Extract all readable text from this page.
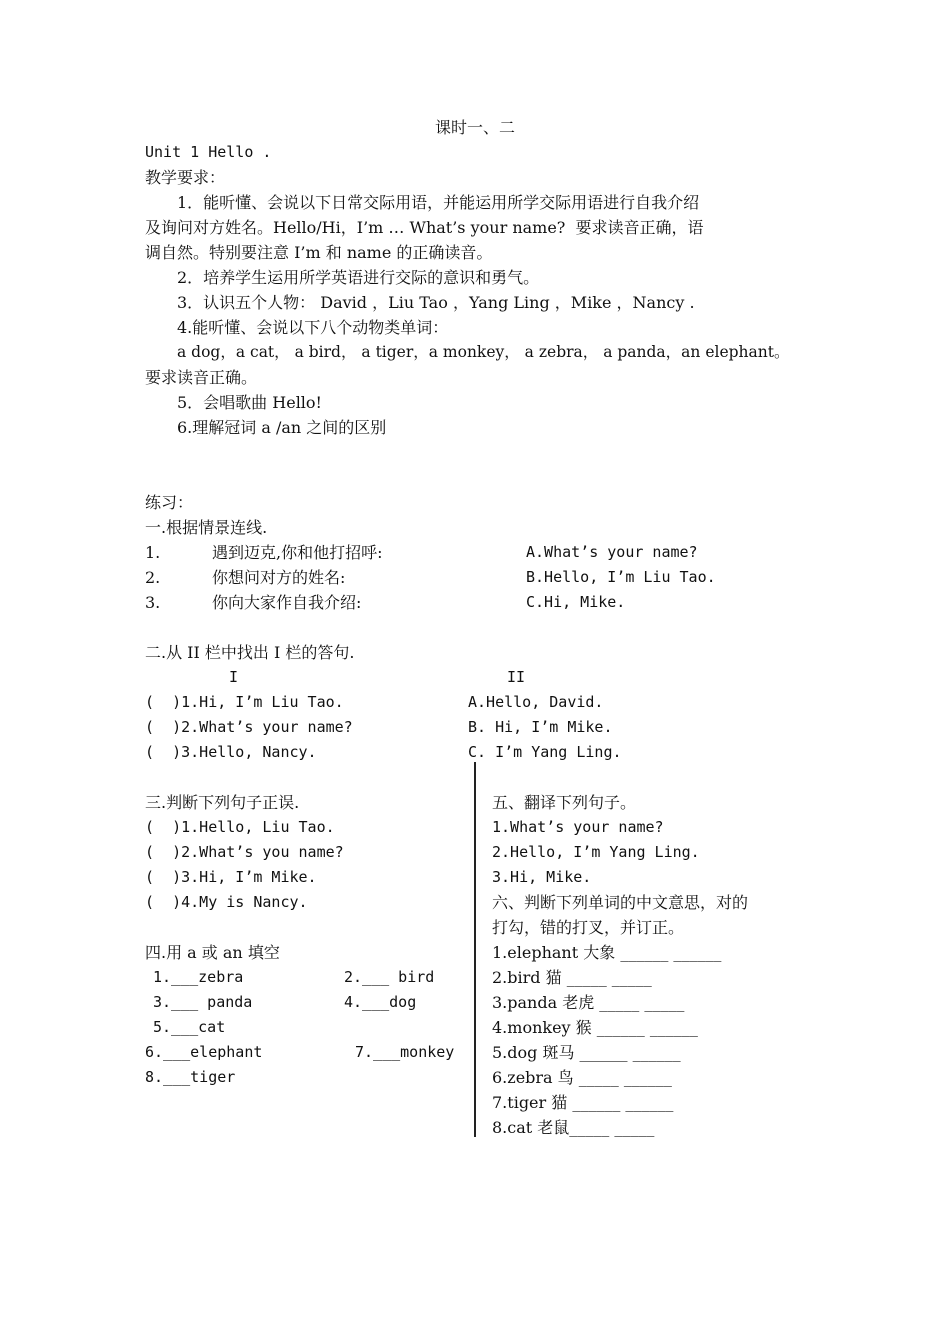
课时一、二
Unit 1 Hello .
教学要求：
1．能听懂、会说以下日常交际用语，并能运用所学交际用语进行自我介绍
及询问对方姓名。Hello/Hi，I’m … What’s your name?  要求读音正确，语
调自然。特别要注意 I’m 和 name 的正确读音。
2．培养学生运用所学英语进行交际的意识和勇气。
3．认识五个人物： David ，Liu Tao ，Yang Ling ，Mike ，Nancy .
4.能听懂、会说以下八个动物类单词：
a dog，a cat， a bird， a tiger，a monkey， a zebra， a panda，an elephant。
要求读音正确。
5．会唱歌曲 Hello!
6.理解冠词 a /an 之间的区别
练习：
一.根据情景连线.
1.	遇到迈克,你和他打招呼:	A.What’s your name?
2.	你想问对方的姓名:	B.Hello, I’m Liu Tao.
3.	你向大家作自我介绍:	C.Hi, Mike.
二.从 II 栏中找出 I 栏的答句.
I	II
(  )1.Hi, I’m Liu Tao.	A.Hello, David.
(  )2.What’s your name?	B. Hi, I’m Mike.
(  )3.Hello, Nancy.	C. I’m Yang Ling.
三.判断下列句子正误.
(  )1.Hello, Liu Tao.
(  )2.What’s you name?
(  )3.Hi, I’m Mike.
(  )4.My is Nancy.
四.用 a 或 an 填空
1.___zebra	2.___ bird
3.___ panda	4.___dog
5.___cat
6.___elephant	7.___monkey
8.___tiger
五、翻译下列句子。
1.What’s your name?
2.Hello, I’m Yang Ling.
3.Hi, Mike.
六、判断下列单词的中文意思，对的
打勾，错的打叉，并订正。
1.elephant 大象 ______ ______
2.bird 猫 _____ _____
3.panda 老虎 _____ _____
4.monkey 猴 ______ ______
5.dog 斑马 ______ ______
6.zebra 鸟 _____ ______
7.tiger 猫 ______ ______
8.cat 老鼠_____ _____
